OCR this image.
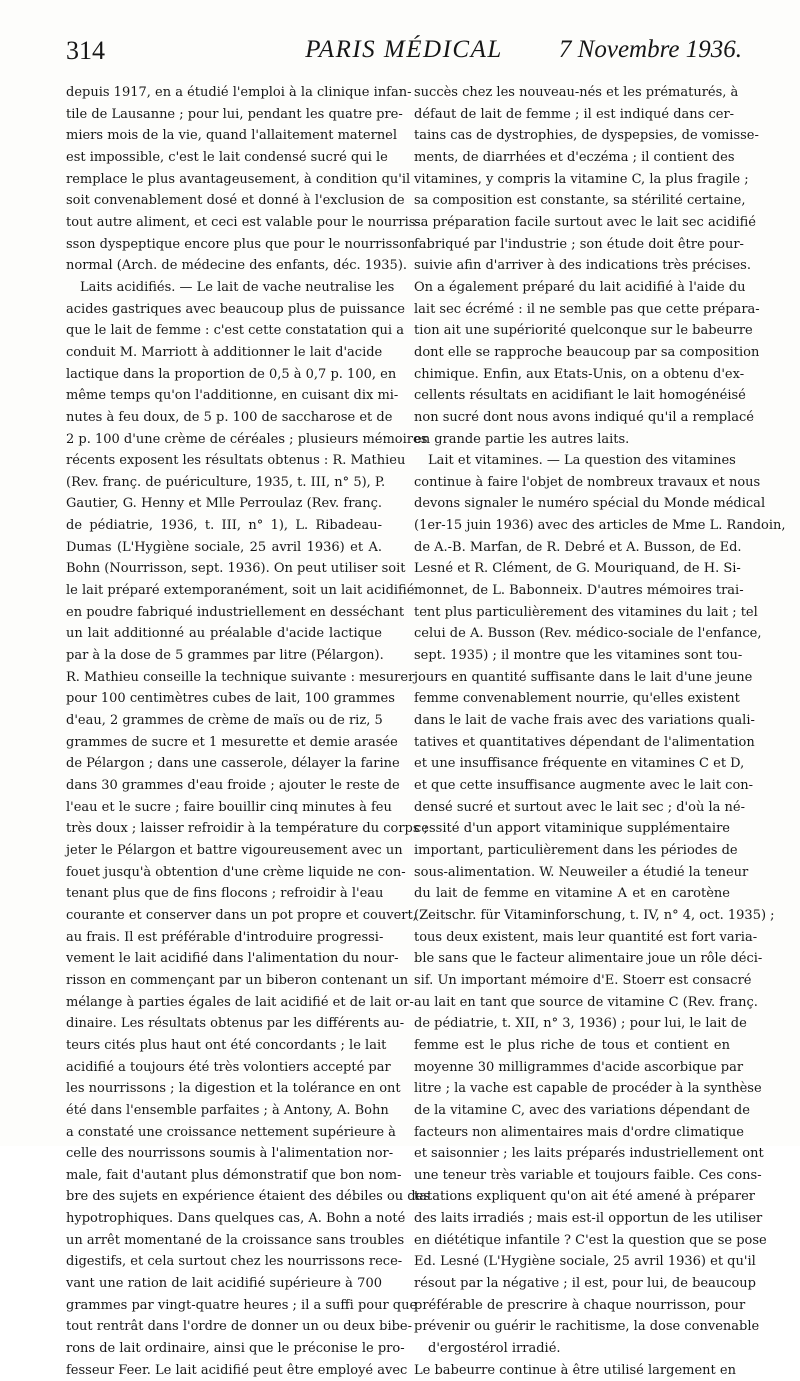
314	PARIS MÉDICAL	7 Novembre 1936.
depuis 1917, en a étudié l'emploi à la clinique infan-
tile de Lausanne ; pour lui, pendant les quatre pre-
miers mois de la vie, quand l'allaitement maternel
est impossible, c'est le lait condensé sucré qui le
remplace le plus avantageusement, à condition qu'il
soit convenablement dosé et donné à l'exclusion de
tout autre aliment, et ceci est valable pour le nourris-
sson dyspeptique encore plus que pour le nourrisson
normal (Arch. de médecine des enfants, déc. 1935).
Laits acidifiés. — Le lait de vache neutralise les
acides gastriques avec beaucoup plus de puissance
que le lait de femme : c'est cette constatation qui a
conduit M. Marriott à additionner le lait d'acide
lactique dans la proportion de 0,5 à 0,7 p. 100, en
même temps qu'on l'additionne, en cuisant dix mi-
nutes à feu doux, de 5 p. 100 de saccharose et de
2 p. 100 d'une crème de céréales ; plusieurs mémoires
récents exposent les résultats obtenus : R. Mathieu
(Rev. franç. de puériculture, 1935, t. III, n° 5), P.
Gautier, G. Henny et Mlle Perroulaz (Rev. franç.
de pédiatrie, 1936, t. III, n° 1), L. Ribadeau-
Dumas (L'Hygiène sociale, 25 avril 1936) et A.
Bohn (Nourrisson, sept. 1936). On peut utiliser soit
le lait préparé extemporanément, soit un lait acidifié
en poudre fabriqué industriellement en desséchant
un lait additionné au préalable d'acide lactique
par à la dose de 5 grammes par litre (Pélargon).
R. Mathieu conseille la technique suivante : mesurer
pour 100 centimètres cubes de lait, 100 grammes
d'eau, 2 grammes de crème de maïs ou de riz, 5
grammes de sucre et 1 mesurette et demie arasée
de Pélargon ; dans une casserole, délayer la farine
dans 30 grammes d'eau froide ; ajouter le reste de
l'eau et le sucre ; faire bouillir cinq minutes à feu
très doux ; laisser refroidir à la température du corps ;
jeter le Pélargon et battre vigoureusement avec un
fouet jusqu'à obtention d'une crème liquide ne con-
tenant plus que de fins flocons ; refroidir à l'eau
courante et conserver dans un pot propre et couvert,
au frais. Il est préférable d'introduire progressi-
vement le lait acidifié dans l'alimentation du nour-
risson en commençant par un biberon contenant un
mélange à parties égales de lait acidifié et de lait or-
dinaire. Les résultats obtenus par les différents au-
teurs cités plus haut ont été concordants ; le lait
acidifié a toujours été très volontiers accepté par
les nourrissons ; la digestion et la tolérance en ont
été dans l'ensemble parfaites ; à Antony, A. Bohn
a constaté une croissance nettement supérieure à
celle des nourrissons soumis à l'alimentation nor-
male, fait d'autant plus démonstratif que bon nom-
bre des sujets en expérience étaient des débiles ou des
hypotrophiques. Dans quelques cas, A. Bohn a noté
un arrêt momentané de la croissance sans troubles
digestifs, et cela surtout chez les nourrissons rece-
vant une ration de lait acidifié supérieure à 700
grammes par vingt-quatre heures ; il a suffi pour que
tout rentrât dans l'ordre de donner un ou deux bibe-
rons de lait ordinaire, ainsi que le préconise le pro-
fesseur Feer. Le lait acidifié peut être employé avec
succès chez les nouveau-nés et les prématurés, à
défaut de lait de femme ; il est indiqué dans cer-
tains cas de dystrophies, de dyspepsies, de vomisse-
ments, de diarrhées et d'eczéma ; il contient des
vitamines, y compris la vitamine C, la plus fragile ;
sa composition est constante, sa stérilité certaine,
sa préparation facile surtout avec le lait sec acidifié
fabriqué par l'industrie ; son étude doit être pour-
suivie afin d'arriver à des indications très précises.
On a également préparé du lait acidifié à l'aide du
lait sec écrémé : il ne semble pas que cette prépara-
tion ait une supériorité quelconque sur le babeurre
dont elle se rapproche beaucoup par sa composition
chimique. Enfin, aux Etats-Unis, on a obtenu d'ex-
cellents résultats en acidifiant le lait homogénéisé
non sucré dont nous avons indiqué qu'il a remplacé
en grande partie les autres laits.
Lait et vitamines. — La question des vitamines
continue à faire l'objet de nombreux travaux et nous
devons signaler le numéro spécial du Monde médical
(1er-15 juin 1936) avec des articles de Mme L. Randoin,
de A.-B. Marfan, de R. Debré et A. Busson, de Ed.
Lesné et R. Clément, de G. Mouriquand, de H. Si-
monnet, de L. Babonneix. D'autres mémoires trai-
tent plus particulièrement des vitamines du lait ; tel
celui de A. Busson (Rev. médico-sociale de l'enfance,
sept. 1935) ; il montre que les vitamines sont tou-
jours en quantité suffisante dans le lait d'une jeune
femme convenablement nourrie, qu'elles existent
dans le lait de vache frais avec des variations quali-
tatives et quantitatives dépendant de l'alimentation
et une insuffisance fréquente en vitamines C et D,
et que cette insuffisance augmente avec le lait con-
densé sucré et surtout avec le lait sec ; d'où la né-
cessité d'un apport vitaminique supplémentaire
important, particulièrement dans les périodes de
sous-alimentation. W. Neuweiler a étudié la teneur
du lait de femme en vitamine A et en carotène
(Zeitschr. für Vitaminforschung, t. IV, n° 4, oct. 1935) ;
tous deux existent, mais leur quantité est fort varia-
ble sans que le facteur alimentaire joue un rôle déci-
sif. Un important mémoire d'E. Stoerr est consacré
au lait en tant que source de vitamine C (Rev. franç.
de pédiatrie, t. XII, n° 3, 1936) ; pour lui, le lait de
femme est le plus riche de tous et contient en
moyenne 30 milligrammes d'acide ascorbique par
litre ; la vache est capable de procéder à la synthèse
de la vitamine C, avec des variations dépendant de
facteurs non alimentaires mais d'ordre climatique
et saisonnier ; les laits préparés industriellement ont
une teneur très variable et toujours faible. Ces cons-
tatations expliquent qu'on ait été amené à préparer
des laits irradiés ; mais est-il opportun de les utiliser
en diététique infantile ? C'est la question que se pose
Ed. Lesné (L'Hygiène sociale, 25 avril 1936) et qu'il
résout par la négative ; il est, pour lui, de beaucoup
préférable de prescrire à chaque nourrisson, pour
prévenir ou guérir le rachitisme, la dose convenable
d'ergostérol irradié.
Le babeurre continue à être utilisé largement en
